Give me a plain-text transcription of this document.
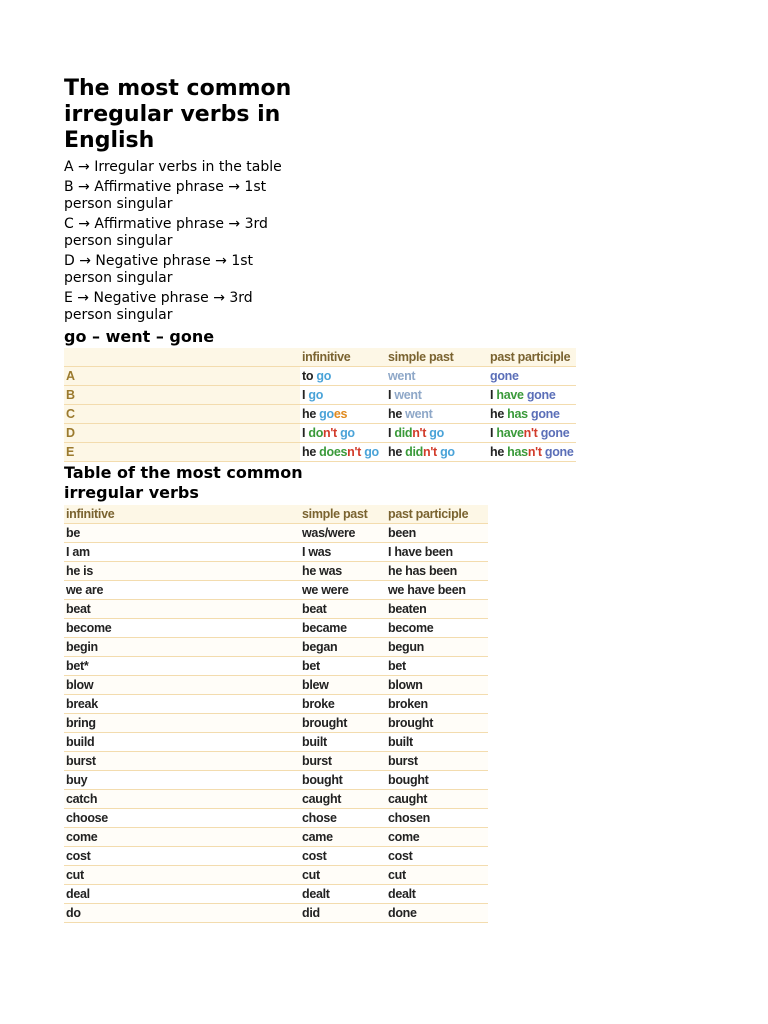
The most common irregular verbs in English

A → Irregular verbs in the table

B → Affirmative phrase → 1st person singular

C → Affirmative phrase → 3rd person singular

D → Negative phrase → 1st person singular

E → Negative phrase → 3rd person singular

go – went – gone
	infinitive	simple past	past participle
A	to go	went	gone
B	I go	I went	I have gone
C	he goes	he went	he has gone
D	I don't go	I didn't go	I haven't gone
E	he doesn't go	he didn't go	he hasn't gone
Table of the most common irregular verbs
infinitive	simple past	past participle
be	was/were	been
I am	I was	I have been
he is	he was	he has been
we are	we were	we have been
beat	beat	beaten
become	became	become
begin	began	begun
bet*	bet	bet
blow	blew	blown
break	broke	broken
bring	brought	brought
build	built	built
burst	burst	burst
buy	bought	bought
catch	caught	caught
choose	chose	chosen
come	came	come
cost	cost	cost
cut	cut	cut
deal	dealt	dealt
do	did	done
